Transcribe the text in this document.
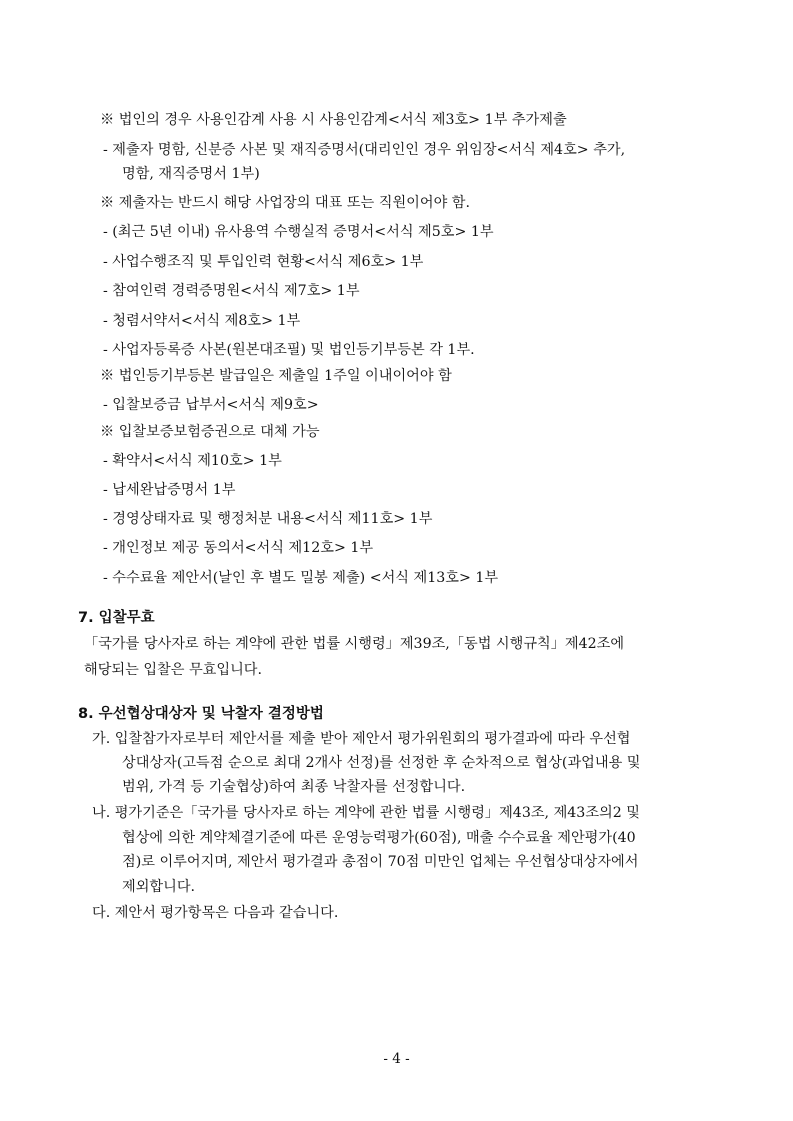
※ 법인의 경우 사용인감계 사용 시 사용인감계<서식 제3호> 1부 추가제출
- 제출자 명함, 신분증 사본 및 재직증명서(대리인인 경우 위임장<서식 제4호> 추가,
명함, 재직증명서 1부)
※ 제출자는 반드시 해당 사업장의 대표 또는 직원이어야 함.
- (최근 5년 이내) 유사용역 수행실적 증명서<서식 제5호> 1부
- 사업수행조직 및 투입인력 현황<서식 제6호> 1부
- 참여인력 경력증명원<서식 제7호> 1부
- 청렴서약서<서식 제8호> 1부
- 사업자등록증 사본(원본대조필) 및 법인등기부등본 각 1부.
※ 법인등기부등본 발급일은 제출일 1주일 이내이어야 함
- 입찰보증금 납부서<서식 제9호>
※ 입찰보증보험증권으로 대체 가능
- 확약서<서식 제10호> 1부
- 납세완납증명서 1부
- 경영상태자료 및 행정처분 내용<서식 제11호> 1부
- 개인정보 제공 동의서<서식 제12호> 1부
- 수수료율 제안서(날인 후 별도 밀봉 제출) <서식 제13호> 1부
7. 입찰무효
「국가를 당사자로 하는 계약에 관한 법률 시행령」제39조,「동법 시행규칙」제42조에
해당되는 입찰은 무효입니다.
8. 우선협상대상자 및 낙찰자 결정방법
가. 입찰참가자로부터 제안서를 제출 받아 제안서 평가위원회의 평가결과에 따라 우선협
상대상자(고득점 순으로 최대 2개사 선정)를 선정한 후 순차적으로 협상(과업내용 및
범위, 가격 등 기술협상)하여 최종 낙찰자를 선정합니다.
나. 평가기준은「국가를 당사자로 하는 계약에 관한 법률 시행령」제43조, 제43조의2 및
협상에 의한 계약체결기준에 따른 운영능력평가(60점), 매출 수수료율 제안평가(40
점)로 이루어지며, 제안서 평가결과 총점이 70점 미만인 업체는 우선협상대상자에서
제외합니다.
다. 제안서 평가항목은 다음과 같습니다.
- 4 -
